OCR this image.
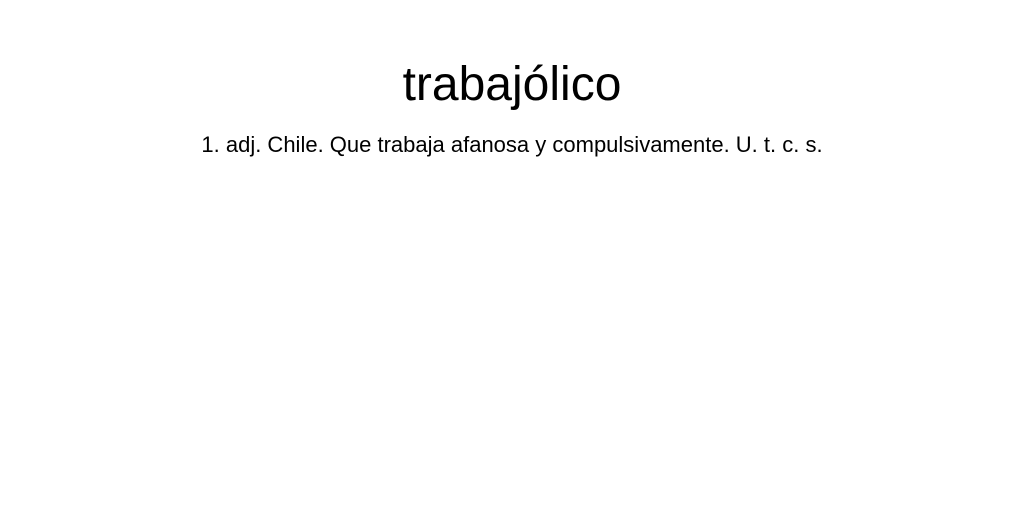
trabajólico

1. adj. Chile. Que trabaja afanosa y compulsivamente. U. t. c. s.
